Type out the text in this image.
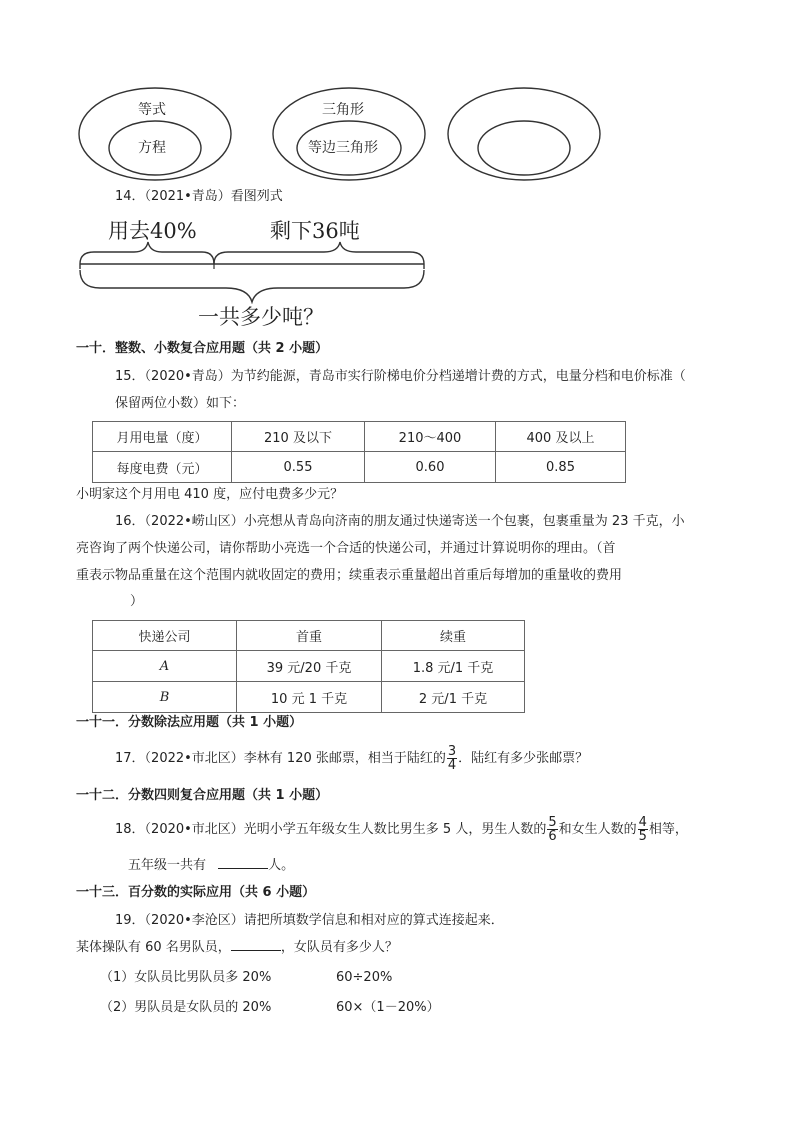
等式
方程
三角形
等边三角形
14．（2021•青岛）看图列式
用去40%	剩下36吨
一共多少吨？
一十．整数、小数复合应用题（共 2 小题）
15．（2020•青岛）为节约能源，青岛市实行阶梯电价分档递增计费的方式，电量分档和电价标准（
保留两位小数）如下：
月用电量（度）	210 及以下	210～400	400 及以上
每度电费（元）	0.55	0.60	0.85
小明家这个月用电 410 度，应付电费多少元？
16．（2022•崂山区）小亮想从青岛向济南的朋友通过快递寄送一个包裹，包裹重量为 23 千克，小
亮咨询了两个快递公司，请你帮助小亮选一个合适的快递公司，并通过计算说明你的理由。（首
重表示物品重量在这个范围内就收固定的费用；续重表示重量超出首重后每增加的重量收的费用
）
快递公司	首重	续重
A	39 元/20 千克	1.8 元/1 千克
B	10 元 1 千克	2 元/1 千克
一十一．分数除法应用题（共 1 小题）
17．（2022•市北区）李林有 120 张邮票，相当于陆红的 $\frac{3}{4}$ ．陆红有多少张邮票？
一十二．分数四则复合应用题（共 1 小题）
18．（2020•市北区）光明小学五年级女生人数比男生多 5 人，男生人数的 $\frac{5}{6}$ 和女生人数的 $\frac{4}{5}$ 相等，
五年级一共有	人。
一十三．百分数的实际应用（共 6 小题）
19．（2020•李沧区）请把所填数学信息和相对应的算式连接起来．
某体操队有 60 名男队员，	，女队员有多少人？
（1）女队员比男队员多 20%	60÷20%
（2）男队员是女队员的 20%	60×（1－20%）
